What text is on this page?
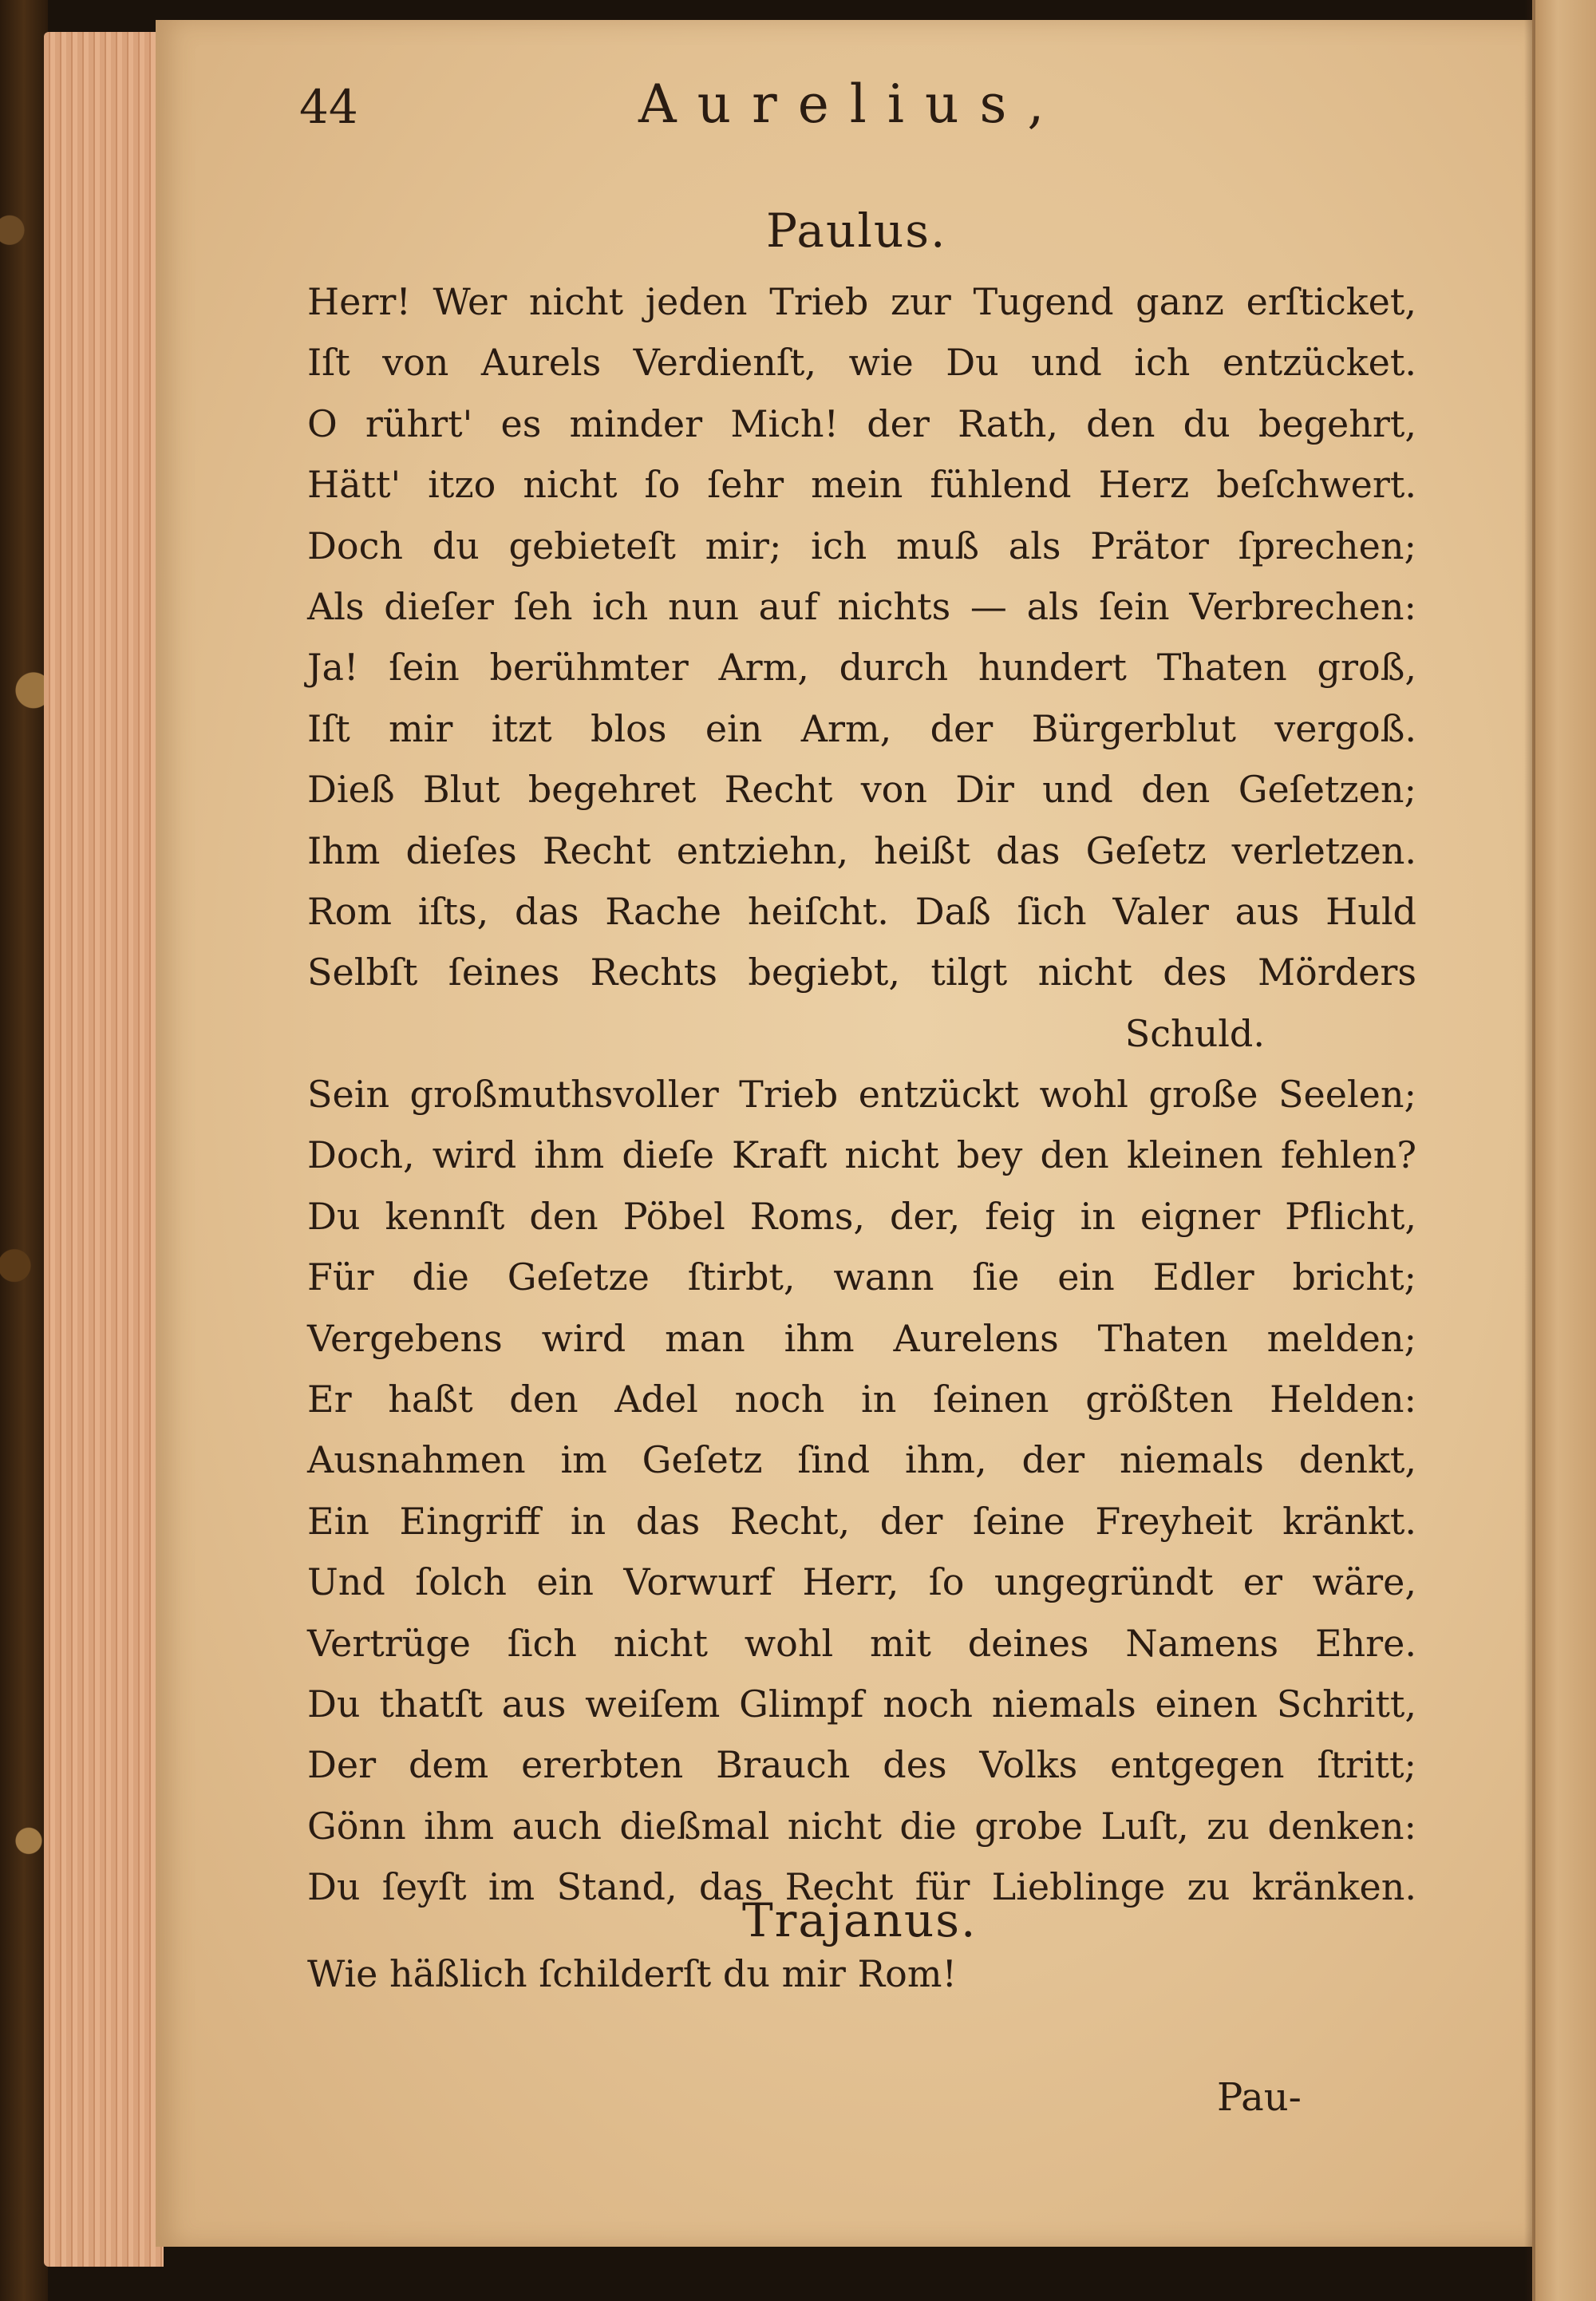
44	Aurelius,
Paulus.
Herr! Wer nicht jeden Trieb zur Tugend ganz erſticket,
Iſt von Aurels Verdienſt, wie Du und ich entzücket.
O rührt' es minder Mich! der Rath, den du begehrt,
Hätt' itzo nicht ſo ſehr mein fühlend Herz beſchwert.
Doch du gebieteſt mir; ich muß als Prätor ſprechen;
Als dieſer ſeh ich nun auf nichts — als ſein Verbrechen:
Ja! ſein berühmter Arm, durch hundert Thaten groß,
Iſt mir itzt blos ein Arm, der Bürgerblut vergoß.
Dieß Blut begehret Recht von Dir und den Geſetzen;
Ihm dieſes Recht entziehn, heißt das Geſetz verletzen.
Rom iſts, das Rache heiſcht. Daß ſich Valer aus Huld
Selbſt ſeines Rechts begiebt, tilgt nicht des Mörders
Schuld.
Sein großmuthsvoller Trieb entzückt wohl große Seelen;
Doch, wird ihm dieſe Kraft nicht bey den kleinen fehlen?
Du kennſt den Pöbel Roms, der, feig in eigner Pflicht,
Für die Geſetze ſtirbt, wann ſie ein Edler bricht;
Vergebens wird man ihm Aurelens Thaten melden;
Er haßt den Adel noch in ſeinen größten Helden:
Ausnahmen im Geſetz ſind ihm, der niemals denkt,
Ein Eingriff in das Recht, der ſeine Freyheit kränkt.
Und ſolch ein Vorwurf Herr, ſo ungegründt er wäre,
Vertrüge ſich nicht wohl mit deines Namens Ehre.
Du thatſt aus weiſem Glimpf noch niemals einen Schritt,
Der dem ererbten Brauch des Volks entgegen ſtritt;
Gönn ihm auch dießmal nicht die grobe Luſt, zu denken:
Du ſeyſt im Stand, das Recht für Lieblinge zu kränken.
Trajanus.
Wie häßlich ſchilderſt du mir Rom!
Pau-
